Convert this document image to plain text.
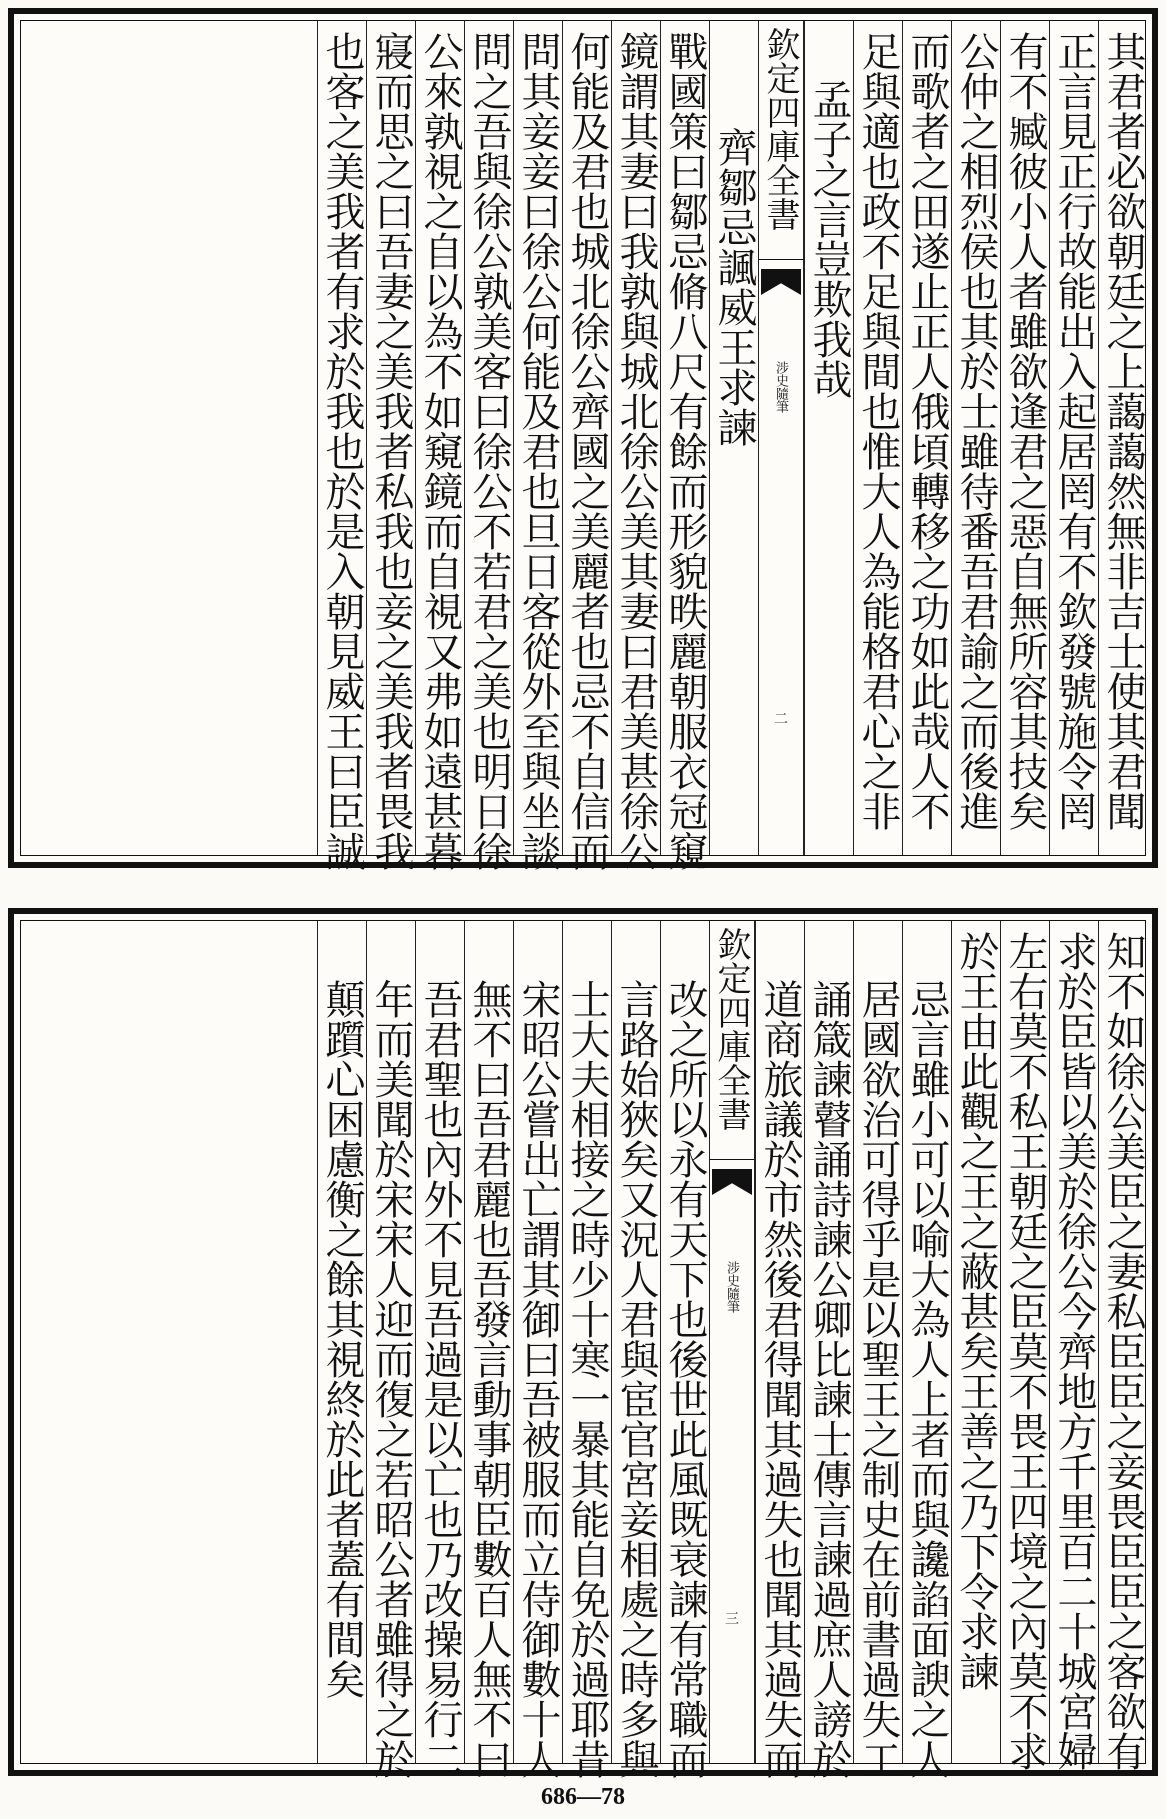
其君者必欲朝廷之上藹藹然無非吉士使其君聞
正言見正行故能出入起居罔有不欽發號施令罔
有不臧彼小人者雖欲逢君之惡自無所容其技矣
公仲之相烈侯也其於士雖待番吾君諭之而後進
而歌者之田遂止正人俄頃轉移之功如此哉人不
足與適也政不足與間也惟大人為能格君心之非
孟子之言豈欺我哉
欽定四庫全書
涉史隨筆
二
齊鄒忌諷威王求諫
戰國策曰鄒忌脩八尺有餘而形貌昳麗朝服衣冠窺
鏡謂其妻曰我孰與城北徐公美其妻曰君美甚徐公
何能及君也城北徐公齊國之美麗者也忌不自信而
問其妾妾曰徐公何能及君也旦日客從外至與坐談
問之吾與徐公孰美客曰徐公不若君之美也明日徐
公來孰視之自以為不如窺鏡而自視又弗如遠甚暮
寢而思之曰吾妻之美我者私我也妾之美我者畏我
也客之美我者有求於我也於是入朝見威王曰臣誠
知不如徐公美臣之妻私臣臣之妾畏臣臣之客欲有
求於臣皆以美於徐公今齊地方千里百二十城宮婦
左右莫不私王朝廷之臣莫不畏王四境之內莫不求
於王由此觀之王之蔽甚矣王善之乃下令求諫
忌言雖小可以喻大為人上者而與讒諂面諛之人
居國欲治可得乎是以聖王之制史在前書過失工
誦箴諫瞽誦詩諫公卿比諫士傳言諫過庶人謗於
道商旅議於市然後君得聞其過失也聞其過失而
欽定四庫全書
涉史隨筆
三
改之所以永有天下也後世此風既衰諫有常職而
言路始狹矣又況人君與宦官宮妾相處之時多與
士大夫相接之時少十寒一暴其能自免於過耶昔
宋昭公嘗出亡謂其御曰吾被服而立侍御數十人
無不曰吾君麗也吾發言動事朝臣數百人無不曰
吾君聖也內外不見吾過是以亡也乃改操易行二
年而美聞於宋宋人迎而復之若昭公者雖得之於
顛躓心困慮衡之餘其視終於此者蓋有間矣
686—78
